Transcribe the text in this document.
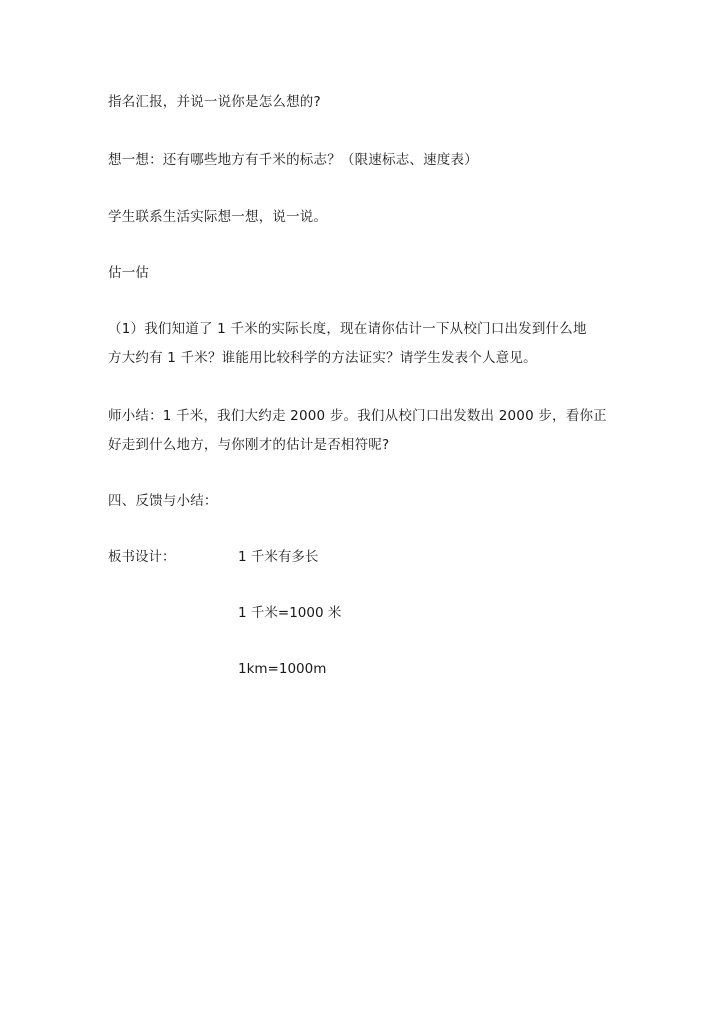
指名汇报，并说一说你是怎么想的?
想一想：还有哪些地方有千米的标志？（限速标志、速度表）
学生联系生活实际想一想，说一说。
估一估
（1）我们知道了 1 千米的实际长度，现在请你估计一下从校门口出发到什么地
方大约有 1 千米？谁能用比较科学的方法证实？请学生发表个人意见。
师小结：1 千米，我们大约走 2000 步。我们从校门口出发数出 2000 步，看你正
好走到什么地方，与你刚才的估计是否相符呢?
四、反馈与小结：
板书设计：	1 千米有多长
1 千米=1000 米
1km=1000m
